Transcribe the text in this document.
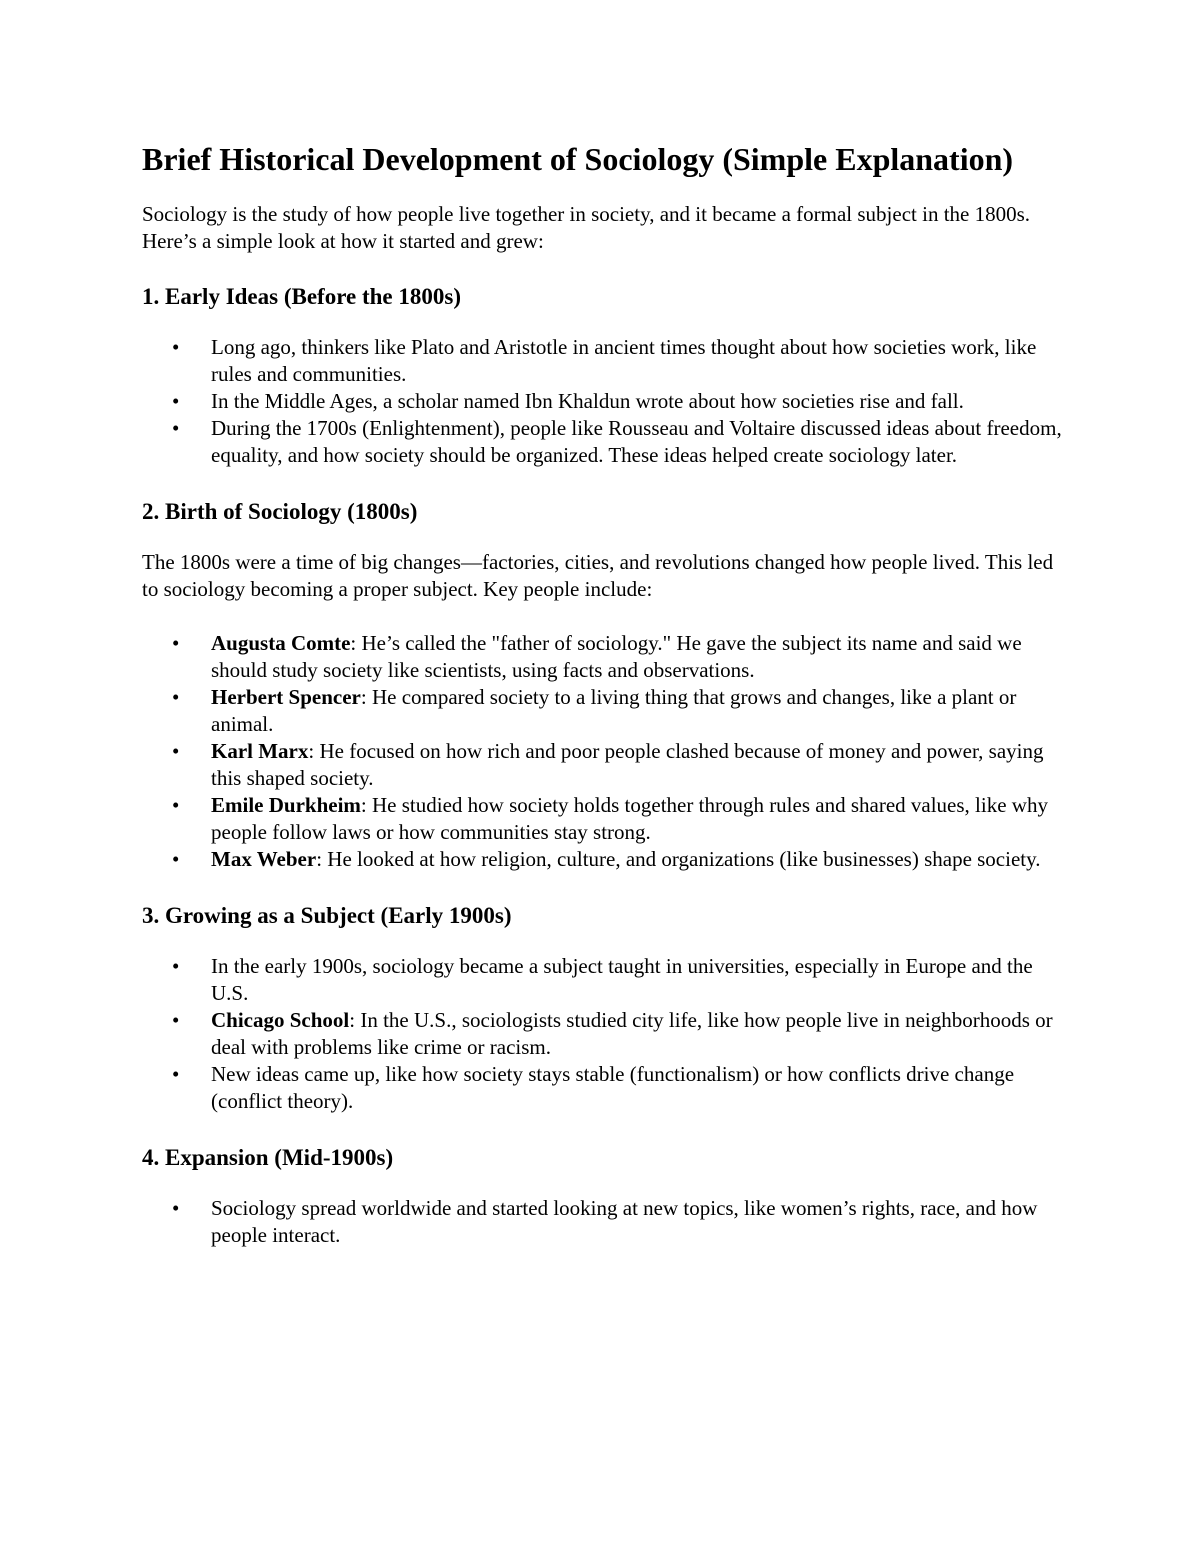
Brief Historical Development of Sociology (Simple Explanation)

Sociology is the study of how people live together in society, and it became a formal subject in the 1800s. Here’s a simple look at how it started and grew:

1. Early Ideas (Before the 1800s)
• Long ago, thinkers like Plato and Aristotle in ancient times thought about how societies work, like rules and communities.
• In the Middle Ages, a scholar named Ibn Khaldun wrote about how societies rise and fall.
• During the 1700s (Enlightenment), people like Rousseau and Voltaire discussed ideas about freedom, equality, and how society should be organized. These ideas helped create sociology later.
2. Birth of Sociology (1800s)

The 1800s were a time of big changes—factories, cities, and revolutions changed how people lived. This led to sociology becoming a proper subject. Key people include:

• Augusta Comte: He’s called the "father of sociology." He gave the subject its name and said we should study society like scientists, using facts and observations.
• Herbert Spencer: He compared society to a living thing that grows and changes, like a plant or animal.
• Karl Marx: He focused on how rich and poor people clashed because of money and power, saying this shaped society.
• Emile Durkheim: He studied how society holds together through rules and shared values, like why people follow laws or how communities stay strong.
• Max Weber: He looked at how religion, culture, and organizations (like businesses) shape society.
3. Growing as a Subject (Early 1900s)
• In the early 1900s, sociology became a subject taught in universities, especially in Europe and the U.S.
• Chicago School: In the U.S., sociologists studied city life, like how people live in neighborhoods or deal with problems like crime or racism.
• New ideas came up, like how society stays stable (functionalism) or how conflicts drive change (conflict theory).
4. Expansion (Mid-1900s)
• Sociology spread worldwide and started looking at new topics, like women’s rights, race, and how people interact.
